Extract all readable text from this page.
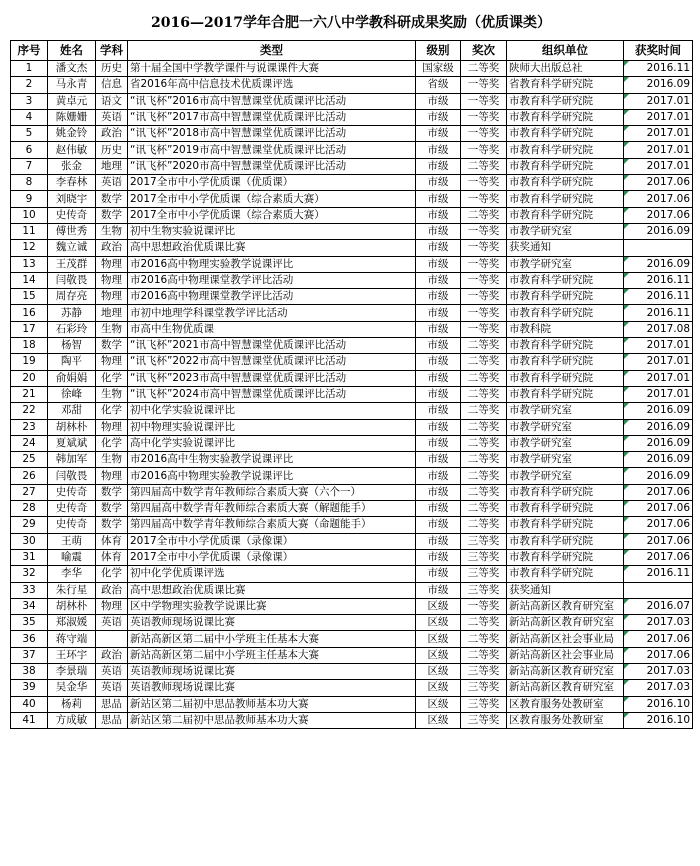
2016—2017学年合肥一六八中学教科研成果奖励（优质课类）
序号	姓名	学科	类型	级别	奖次	组织单位	获奖时间
1	潘文杰	历史	第十届全国中学教学课件与说课课件大赛	国家级	二等奖	陕师大出版总社	2016.11
2	马永青	信息	省2016年高中信息技术优质课评选	省级	一等奖	省教育科学研究院	2016.09
3	黄卓元	语文	“讯飞杯”2016市高中智慧课堂优质课评比活动	市级	一等奖	市教育科学研究院	2017.01
4	陈姗姗	英语	“讯飞杯”2017市高中智慧课堂优质课评比活动	市级	一等奖	市教育科学研究院	2017.01
5	姚金铃	政治	“讯飞杯”2018市高中智慧课堂优质课评比活动	市级	一等奖	市教育科学研究院	2017.01
6	赵伟敏	历史	“讯飞杯”2019市高中智慧课堂优质课评比活动	市级	一等奖	市教育科学研究院	2017.01
7	张金	地理	“讯飞杯”2020市高中智慧课堂优质课评比活动	市级	二等奖	市教育科学研究院	2017.01
8	李春林	英语	2017全市中小学优质课（优质课）	市级	一等奖	市教育科学研究院	2017.06
9	刘晓宇	数学	2017全市中小学优质课（综合素质大赛）	市级	一等奖	市教育科学研究院	2017.06
10	史传奇	数学	2017全市中小学优质课（综合素质大赛）	市级	二等奖	市教育科学研究院	2017.06
11	傅世秀	生物	初中生物实验说课评比	市级	一等奖	市教学研究室	2016.09
12	魏立诚	政治	高中思想政治优质课比赛	市级	一等奖	获奖通知	
13	王茂群	物理	市2016高中物理实验教学说课评比	市级	一等奖	市教学研究室	2016.09
14	闫敬畏	物理	市2016高中物理课堂教学评比活动	市级	一等奖	市教育科学研究院	2016.11
15	周存亮	物理	市2016高中物理课堂教学评比活动	市级	一等奖	市教育科学研究院	2016.11
16	苏静	地理	市初中地理学科课堂教学评比活动	市级	一等奖	市教育科学研究院	2016.11
17	石彩玲	生物	市高中生物优质课	市级	一等奖	市教科院	2017.08
18	杨智	数学	“讯飞杯”2021市高中智慧课堂优质课评比活动	市级	二等奖	市教育科学研究院	2017.01
19	陶平	物理	“讯飞杯”2022市高中智慧课堂优质课评比活动	市级	二等奖	市教育科学研究院	2017.01
20	俞娟娟	化学	“讯飞杯”2023市高中智慧课堂优质课评比活动	市级	二等奖	市教育科学研究院	2017.01
21	徐峰	生物	“讯飞杯”2024市高中智慧课堂优质课评比活动	市级	二等奖	市教育科学研究院	2017.01
22	邓甜	化学	初中化学实验说课评比	市级	二等奖	市教学研究室	2016.09
23	胡林朴	物理	初中物理实验说课评比	市级	二等奖	市教学研究室	2016.09
24	夏斌斌	化学	高中化学实验说课评比	市级	二等奖	市教学研究室	2016.09
25	韩加军	生物	市2016高中生物实验教学说课评比	市级	二等奖	市教学研究室	2016.09
26	闫敬畏	物理	市2016高中物理实验教学说课评比	市级	二等奖	市教学研究室	2016.09
27	史传奇	数学	第四届高中数学青年教师综合素质大赛（六个一）	市级	二等奖	市教育科学研究院	2017.06
28	史传奇	数学	第四届高中数学青年教师综合素质大赛（解题能手）	市级	二等奖	市教育科学研究院	2017.06
29	史传奇	数学	第四届高中数学青年教师综合素质大赛（命题能手）	市级	二等奖	市教育科学研究院	2017.06
30	王萌	体育	2017全市中小学优质课（录像课）	市级	三等奖	市教育科学研究院	2017.06
31	喻震	体育	2017全市中小学优质课（录像课）	市级	三等奖	市教育科学研究院	2017.06
32	李华	化学	初中化学优质课评选	市级	三等奖	市教育科学研究院	2016.11
33	朱行星	政治	高中思想政治优质课比赛	市级	三等奖	获奖通知	
34	胡林朴	物理	区中学物理实验教学说课比赛	区级	一等奖	新站高新区教育研究室	2016.07
35	郑淑媛	英语	英语教师现场说课比赛	区级	二等奖	新站高新区教育研究室	2017.03
36	蒋守端		新站高新区第二届中小学班主任基本大赛	区级	二等奖	新站高新区社会事业局	2017.06
37	王环宇	政治	新站高新区第二届中小学班主任基本大赛	区级	二等奖	新站高新区社会事业局	2017.06
38	李景瑞	英语	英语教师现场说课比赛	区级	三等奖	新站高新区教育研究室	2017.03
39	吴金华	英语	英语教师现场说课比赛	区级	三等奖	新站高新区教育研究室	2017.03
40	杨莉	思品	新站区第二届初中思品教师基本功大赛	区级	三等奖	区教育服务处教研室	2016.10
41	方成敏	思品	新站区第二届初中思品教师基本功大赛	区级	三等奖	区教育服务处教研室	2016.10
